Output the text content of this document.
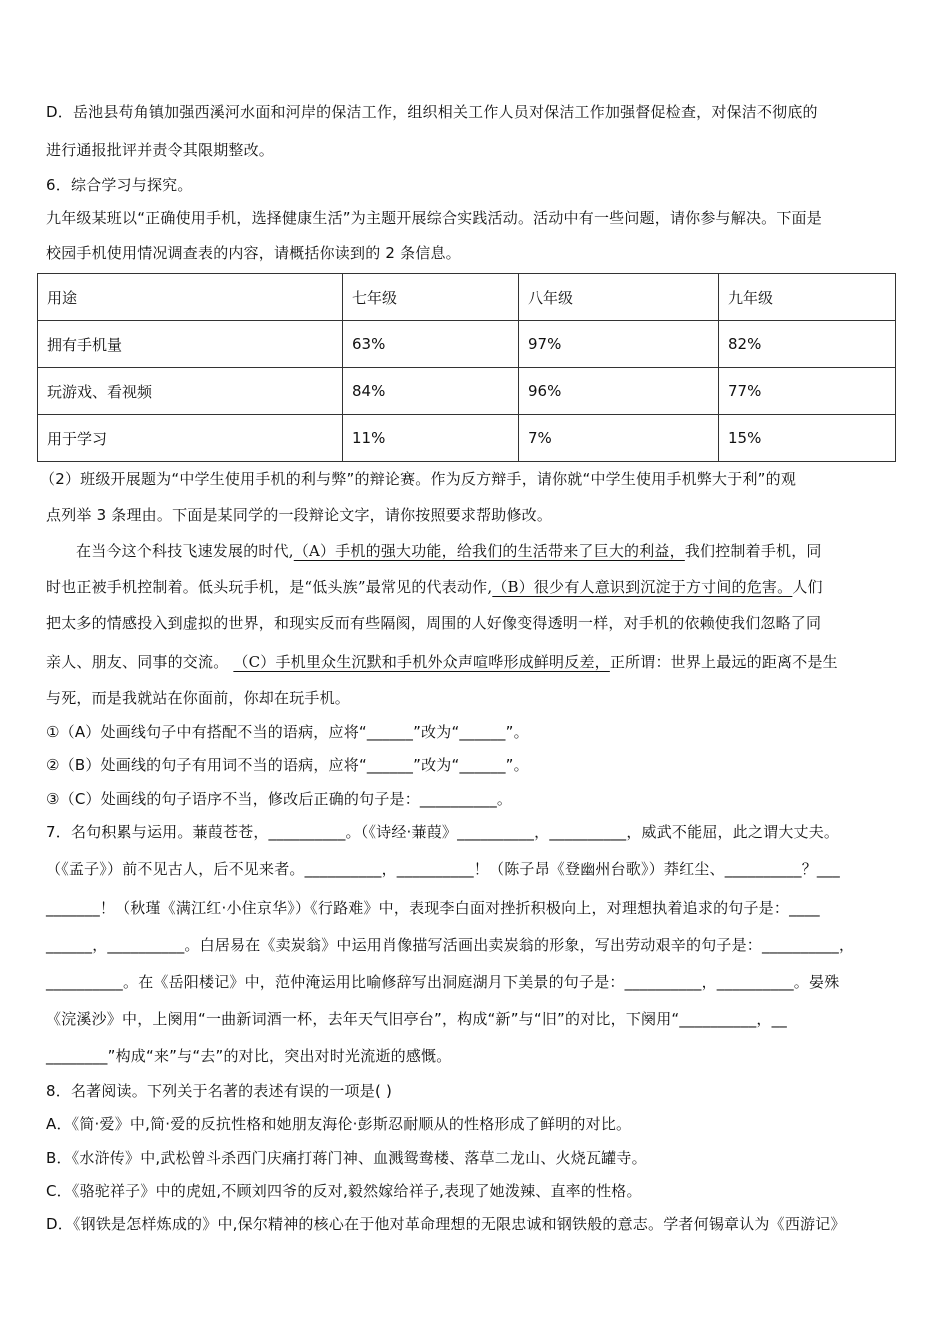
D．岳池县苟角镇加强西溪河水面和河岸的保洁工作，组织相关工作人员对保洁工作加强督促检查，对保洁不彻底的
进行通报批评并责令其限期整改。
6．综合学习与探究。
九年级某班以“正确使用手机，选择健康生活”为主题开展综合实践活动。活动中有一些问题，请你参与解决。下面是
校园手机使用情况调查表的内容，请概括你读到的 2 条信息。
用途	七年级	八年级	九年级
拥有手机量	63%	97%	82%
玩游戏、看视频	84%	96%	77%
用于学习	11%	7%	15%
（2）班级开展题为“中学生使用手机的利与弊”的辩论赛。作为反方辩手，请你就“中学生使用手机弊大于利”的观
点列举 3 条理由。下面是某同学的一段辩论文字，请你按照要求帮助修改。
在当今这个科技飞速发展的时代,（A）手机的强大功能，给我们的生活带来了巨大的利益，我们控制着手机，同
时也正被手机控制着。低头玩手机，是“低头族”最常见的代表动作,（B）很少有人意识到沉淀于方寸间的危害。人们
把太多的情感投入到虚拟的世界，和现实反而有些隔阂，周围的人好像变得透明一样，对手机的依赖使我们忽略了同
亲人、朋友、同事的交流。 （C）手机里众生沉默和手机外众声喧哗形成鲜明反差，正所谓：世界上最远的距离不是生
与死，而是我就站在你面前，你却在玩手机。
①（A）处画线句子中有搭配不当的语病，应将“______”改为“______”。
②（B）处画线的句子有用词不当的语病，应将“______”改为“______”。
③（C）处画线的句子语序不当，修改后正确的句子是：__________。
7．名句积累与运用。蒹葭苍苍，__________。（《诗经·蒹葭》__________，__________，威武不能屈，此之谓大丈夫。
（《孟子》）前不见古人，后不见来者。__________，__________！（陈子昂《登幽州台歌》）莽红尘、__________？___
_______！（秋瑾《满江红·小住京华》）《行路难》中，表现李白面对挫折积极向上，对理想执着追求的句子是：____
______，__________。白居易在《卖炭翁》中运用肖像描写活画出卖炭翁的形象，写出劳动艰辛的句子是：__________，
__________。在《岳阳楼记》中，范仲淹运用比喻修辞写出洞庭湖月下美景的句子是：__________，__________。晏殊
《浣溪沙》中，上阕用“一曲新词酒一杯，去年天气旧亭台”，构成“新”与“旧”的对比，下阕用“__________，__
________”构成“来”与“去”的对比，突出对时光流逝的感慨。
8．名著阅读。下列关于名著的表述有误的一项是( )
A．《简·爱》中,简·爱的反抗性格和她朋友海伦·彭斯忍耐顺从的性格形成了鲜明的对比。
B．《水浒传》中,武松曾斗杀西门庆痛打蒋门神、血溅鸳鸯楼、落草二龙山、火烧瓦罐寺。
C．《骆驼祥子》中的虎妞,不顾刘四爷的反对,毅然嫁给祥子,表现了她泼辣、直率的性格。
D．《钢铁是怎样炼成的》中,保尔精神的核心在于他对革命理想的无限忠诚和钢铁般的意志。学者何锡章认为《西游记》
